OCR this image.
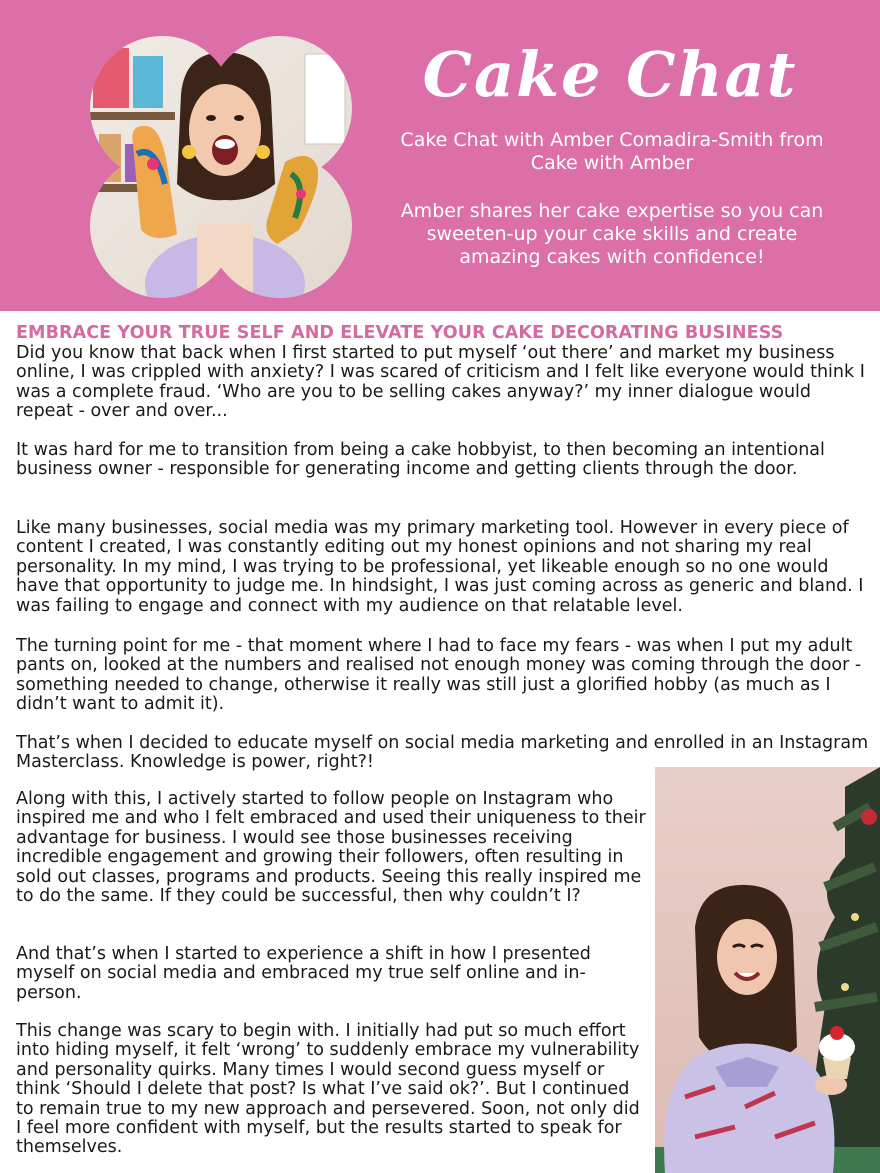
Cake Chat
Cake Chat with Amber Comadira-Smith from Cake with Amber
Amber shares her cake expertise so you can sweeten-up your cake skills and create amazing cakes with confidence!
EMBRACE YOUR TRUE SELF AND ELEVATE YOUR CAKE DECORATING BUSINESS

Did you know that back when I first started to put myself ‘out there’ and market my business online, I was crippled with anxiety? I was scared of criticism and I felt like everyone would think I was a complete fraud. ‘Who are you to be selling cakes anyway?’ my inner dialogue would repeat - over and over...

It was hard for me to transition from being a cake hobbyist, to then becoming an intentional business owner - responsible for generating income and getting clients through the door.

Like many businesses, social media was my primary marketing tool. However in every piece of content I created, I was constantly editing out my honest opinions and not sharing my real personality. In my mind, I was trying to be professional, yet likeable enough so no one would have that opportunity to judge me. In hindsight, I was just coming across as generic and bland. I was failing to engage and connect with my audience on that relatable level.

The turning point for me - that moment where I had to face my fears - was when I put my adult pants on, looked at the numbers and realised not enough money was coming through the door - something needed to change, otherwise it really was still just a glorified hobby (as much as I didn’t want to admit it).

That’s when I decided to educate myself on social media marketing and enrolled in an Instagram Masterclass. Knowledge is power, right?!

Along with this, I actively started to follow people on Instagram who inspired me and who I felt embraced and used their uniqueness to their advantage for business. I would see those businesses receiving incredible engagement and growing their followers, often resulting in sold out classes, programs and products. Seeing this really inspired me to do the same. If they could be successful, then why couldn’t I?

And that’s when I started to experience a shift in how I presented myself on social media and embraced my true self online and in-person.

This change was scary to begin with. I initially had put so much effort into hiding myself, it felt ‘wrong’ to suddenly embrace my vulnerability and personality quirks. Many times I would second guess myself or think ‘Should I delete that post? Is what I’ve said ok?’. But I continued to remain true to my new approach and persevered. Soon, not only did I feel more confident with myself, but the results started to speak for themselves.
